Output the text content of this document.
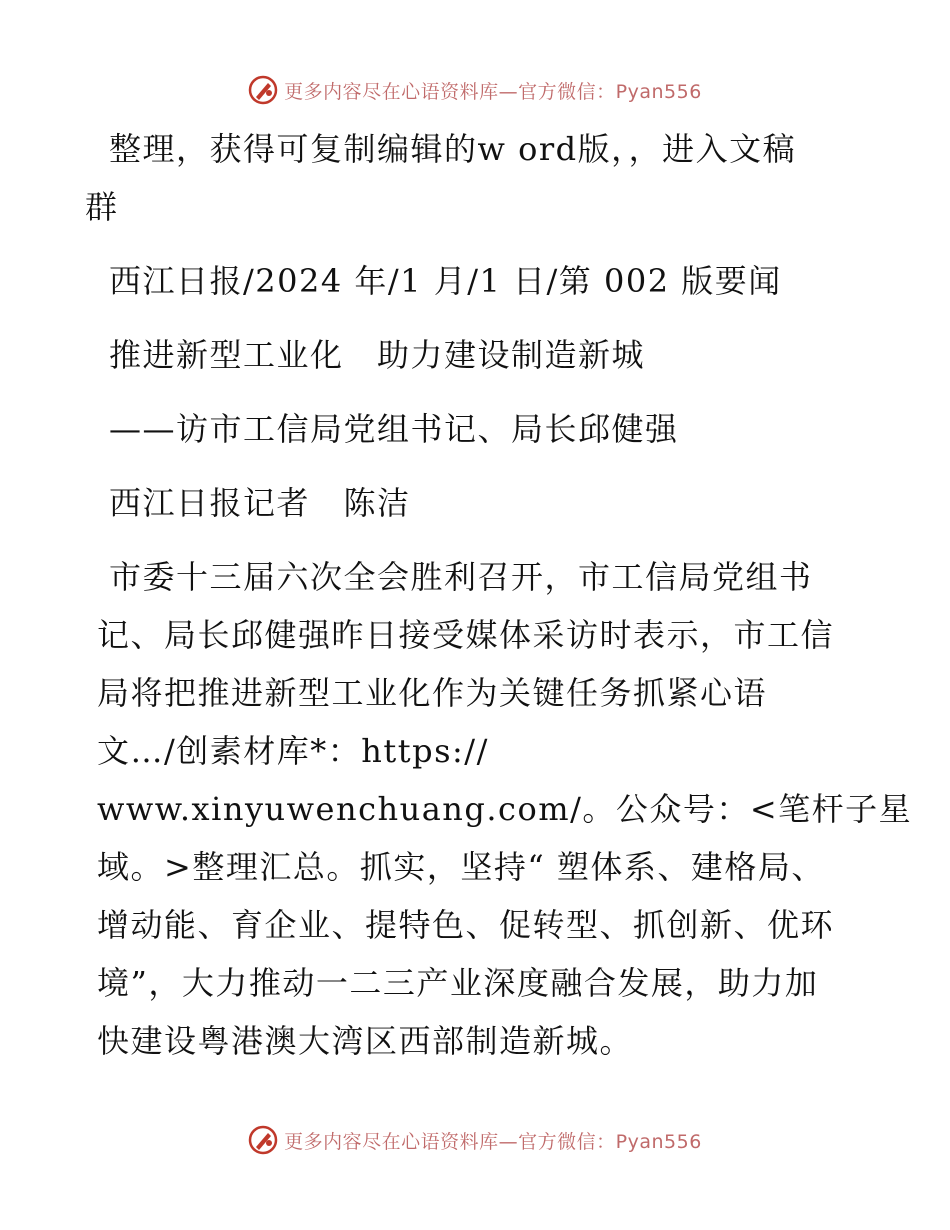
更多内容尽在心语资料库—官方微信：Pyan556

整理，获得可复制编辑的w ord版，，进入文稿
群

西江日报/2024 年/1 月/1 日/第 002 版要闻

推进新型工业化　助力建设制造新城

——访市工信局党组书记、局长邱健强

西江日报记者　陈洁

市委十三届六次全会胜利召开，市工信局党组书
记、局长邱健强昨日接受媒体采访时表示，市工信
局将把推进新型工业化作为关键任务抓紧心语
文…/创素材库*：https://
www.xinyuwenchuang.com/。公众号：<笔杆子星
域。>整理汇总。抓实，坚持“ 塑体系、建格局、
增动能、育企业、提特色、促转型、抓创新、优环
境”，大力推动一二三产业深度融合发展，助力加
快建设粤港澳大湾区西部制造新城。

更多内容尽在心语资料库—官方微信：Pyan556
